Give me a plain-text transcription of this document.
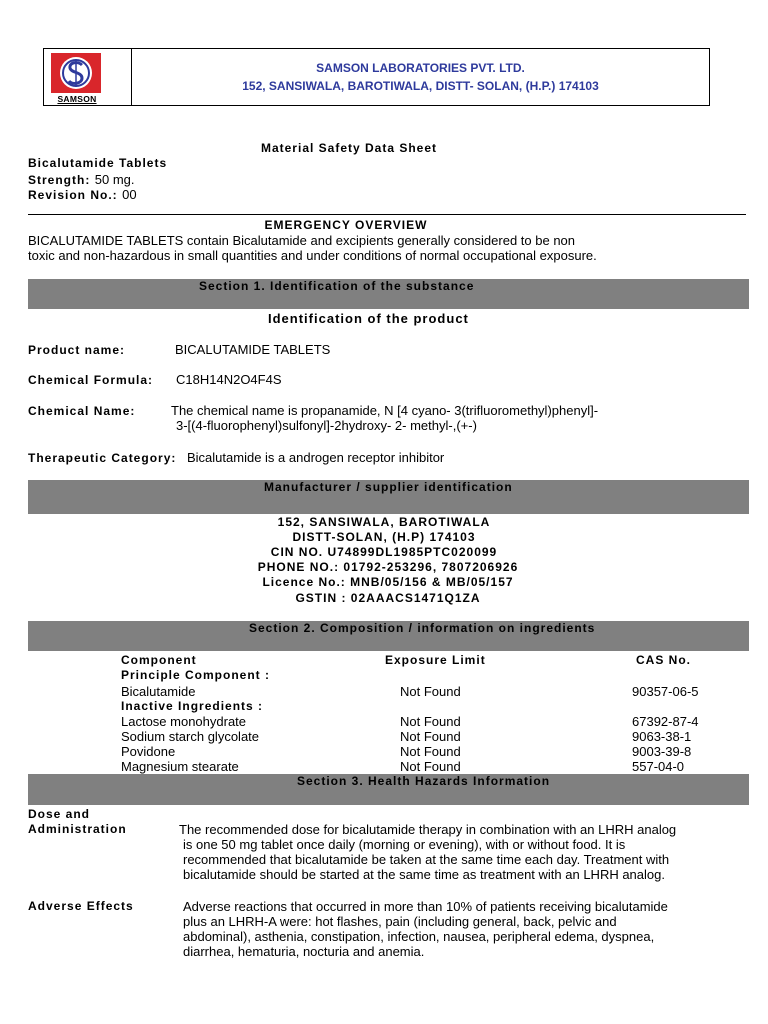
SAMSON
SAMSON LABORATORIES PVT. LTD.
152, SANSIWALA, BAROTIWALA, DISTT- SOLAN, (H.P.) 174103
Material Safety Data Sheet
Bicalutamide Tablets
Strength: 50 mg.
Revision No.: 00
EMERGENCY OVERVIEW
BICALUTAMIDE TABLETS contain Bicalutamide and excipients generally considered to be non
toxic and non-hazardous in small quantities and under conditions of normal occupational exposure.
Section 1. Identification of the substance
Identification of the product
Product name:	BICALUTAMIDE TABLETS
Chemical Formula: C18H14N2O4F4S
Chemical Name:	The chemical name is propanamide, N [4 cyano- 3(trifluoromethyl)phenyl]-
3-[(4-fluorophenyl)sulfonyl]-2hydroxy- 2- methyl-,(+-)
Therapeutic Category: Bicalutamide is a androgen receptor inhibitor
Manufacturer / supplier identification
152, SANSIWALA, BAROTIWALA
DISTT-SOLAN, (H.P) 174103
CIN NO. U74899DL1985PTC020099
PHONE NO.: 01792-253296, 7807206926
Licence No.: MNB/05/156 & MB/05/157
GSTIN : 02AAACS1471Q1ZA
Section 2. Composition / information on ingredients
Component	Exposure Limit	CAS No.
Principle Component :
Bicalutamide	Not Found	90357-06-5
Inactive Ingredients :
Lactose monohydrate	Not Found	67392-87-4
Sodium starch glycolate	Not Found	9063-38-1
Povidone	Not Found	9003-39-8
Magnesium stearate	Not Found	557-04-0
Section 3. Health Hazards Information
Dose and
Administration	The recommended dose for bicalutamide therapy in combination with an LHRH analog
is one 50 mg tablet once daily (morning or evening), with or without food. It is
recommended that bicalutamide be taken at the same time each day. Treatment with
bicalutamide should be started at the same time as treatment with an LHRH analog.
Adverse Effects	Adverse reactions that occurred in more than 10% of patients receiving bicalutamide
plus an LHRH-A were: hot flashes, pain (including general, back, pelvic and
abdominal), asthenia, constipation, infection, nausea, peripheral edema, dyspnea,
diarrhea, hematuria, nocturia and anemia.
